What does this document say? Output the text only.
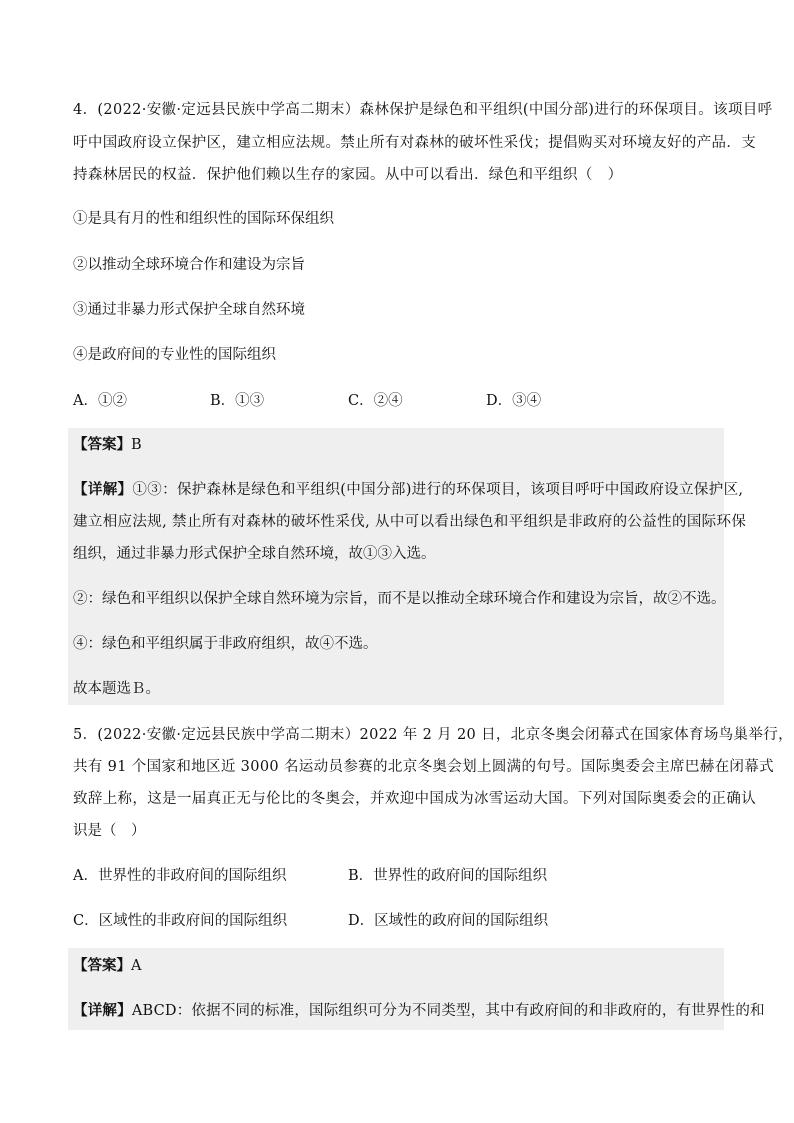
4．(2022·安徽·定远县民族中学高二期末）森林保护是绿色和平组织(中国分部)进行的环保项目。该项目呼
吁中国政府设立保护区，建立相应法规。禁止所有对森林的破坏性采伐；提倡购买对环境友好的产品．支
持森林居民的权益．保护他们赖以生存的家园。从中可以看出．绿色和平组织（　）
①是具有月的性和组织性的国际环保组织
②以推动全球环境合作和建设为宗旨
③通过非暴力形式保护全球自然环境
④是政府间的专业性的国际组织
A．①②	B．①③	C．②④	D．③④
【答案】B
【详解】①③：保护森林是绿色和平组织(中国分部)进行的环保项目，该项目呼吁中国政府设立保护区,
建立相应法规, 禁止所有对森林的破坏性采伐, 从中可以看出绿色和平组织是非政府的公益性的国际环保
组织，通过非暴力形式保护全球自然环境，故①③入选。
②：绿色和平组织以保护全球自然环境为宗旨，而不是以推动全球环境合作和建设为宗旨，故②不选。
④：绿色和平组织属于非政府组织，故④不选。
故本题选Ｂ。
5．(2022·安徽·定远县民族中学高二期末）2022 年 2 月 20 日，北京冬奥会闭幕式在国家体育场鸟巢举行，
共有 91 个国家和地区近 3000 名运动员参赛的北京冬奥会划上圆满的句号。国际奥委会主席巴赫在闭幕式
致辞上称，这是一届真正无与伦比的冬奥会，并欢迎中国成为冰雪运动大国。下列对国际奥委会的正确认
识是（　）
A．世界性的非政府间的国际组织	B．世界性的政府间的国际组织
C．区域性的非政府间的国际组织	D．区域性的政府间的国际组织
【答案】A
【详解】ABCD：依据不同的标准，国际组织可分为不同类型，其中有政府间的和非政府的，有世界性的和
